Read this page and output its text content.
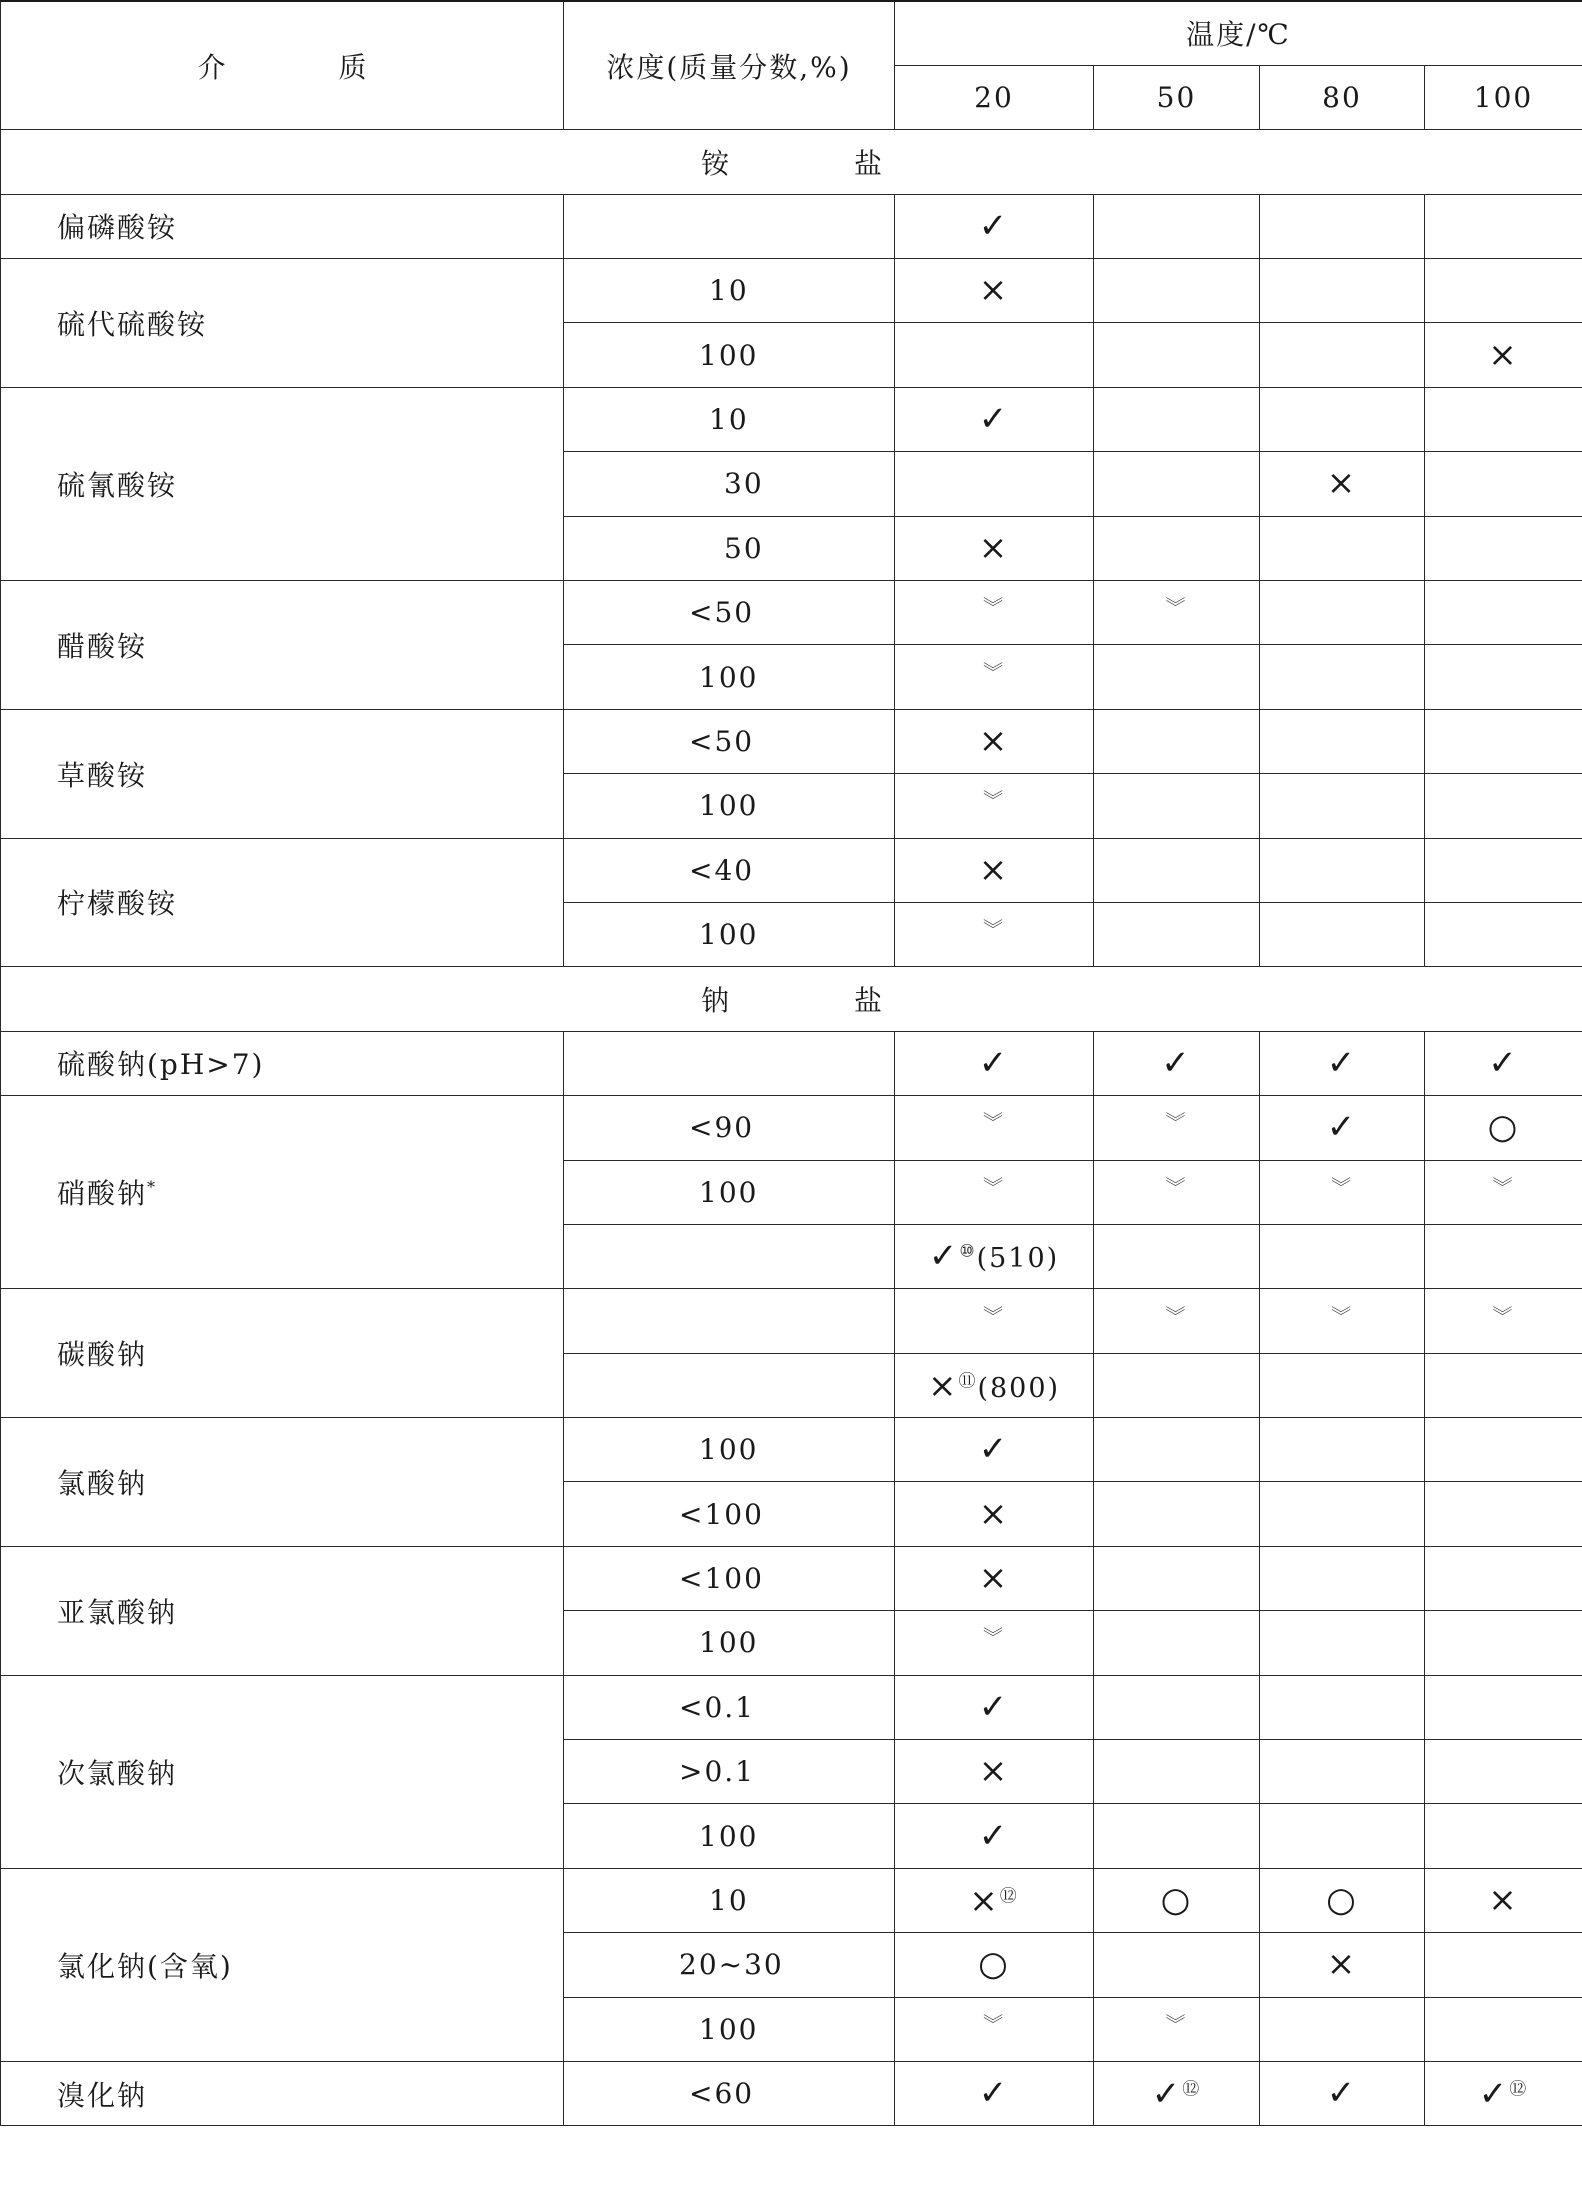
介 质	浓度(质量分数,%)	温度/℃			
		20	50	80	100
铵 盐					
偏磷酸铵		✓			
硫代硫酸铵	10	×			
	100				×
硫氰酸铵	10	✓			
	30			×	
	50	×			
醋酸铵	<50	︾	︾		
	100	︾			
草酸铵	<50	×			
	100	︾			
柠檬酸铵	<40	×			
	100	︾			
钠 盐					
硫酸钠(pH>7)		✓	✓	✓	✓
硝酸钠*	<90	︾	︾	✓	○
	100	︾	︾	︾	︾
		✓⑩(510)			
碳酸钠		︾	︾	︾	︾
		×⑪(800)			
氯酸钠	100	✓			
	<100	×			
亚氯酸钠	<100	×			
	100	︾			
次氯酸钠	<0.1	✓			
	>0.1	×			
	100	✓			
氯化钠(含氧)	10	×⑫	○	○	×
	20~30	○		×	
	100	︾	︾		
溴化钠	<60	✓	✓⑫	✓	✓⑫
